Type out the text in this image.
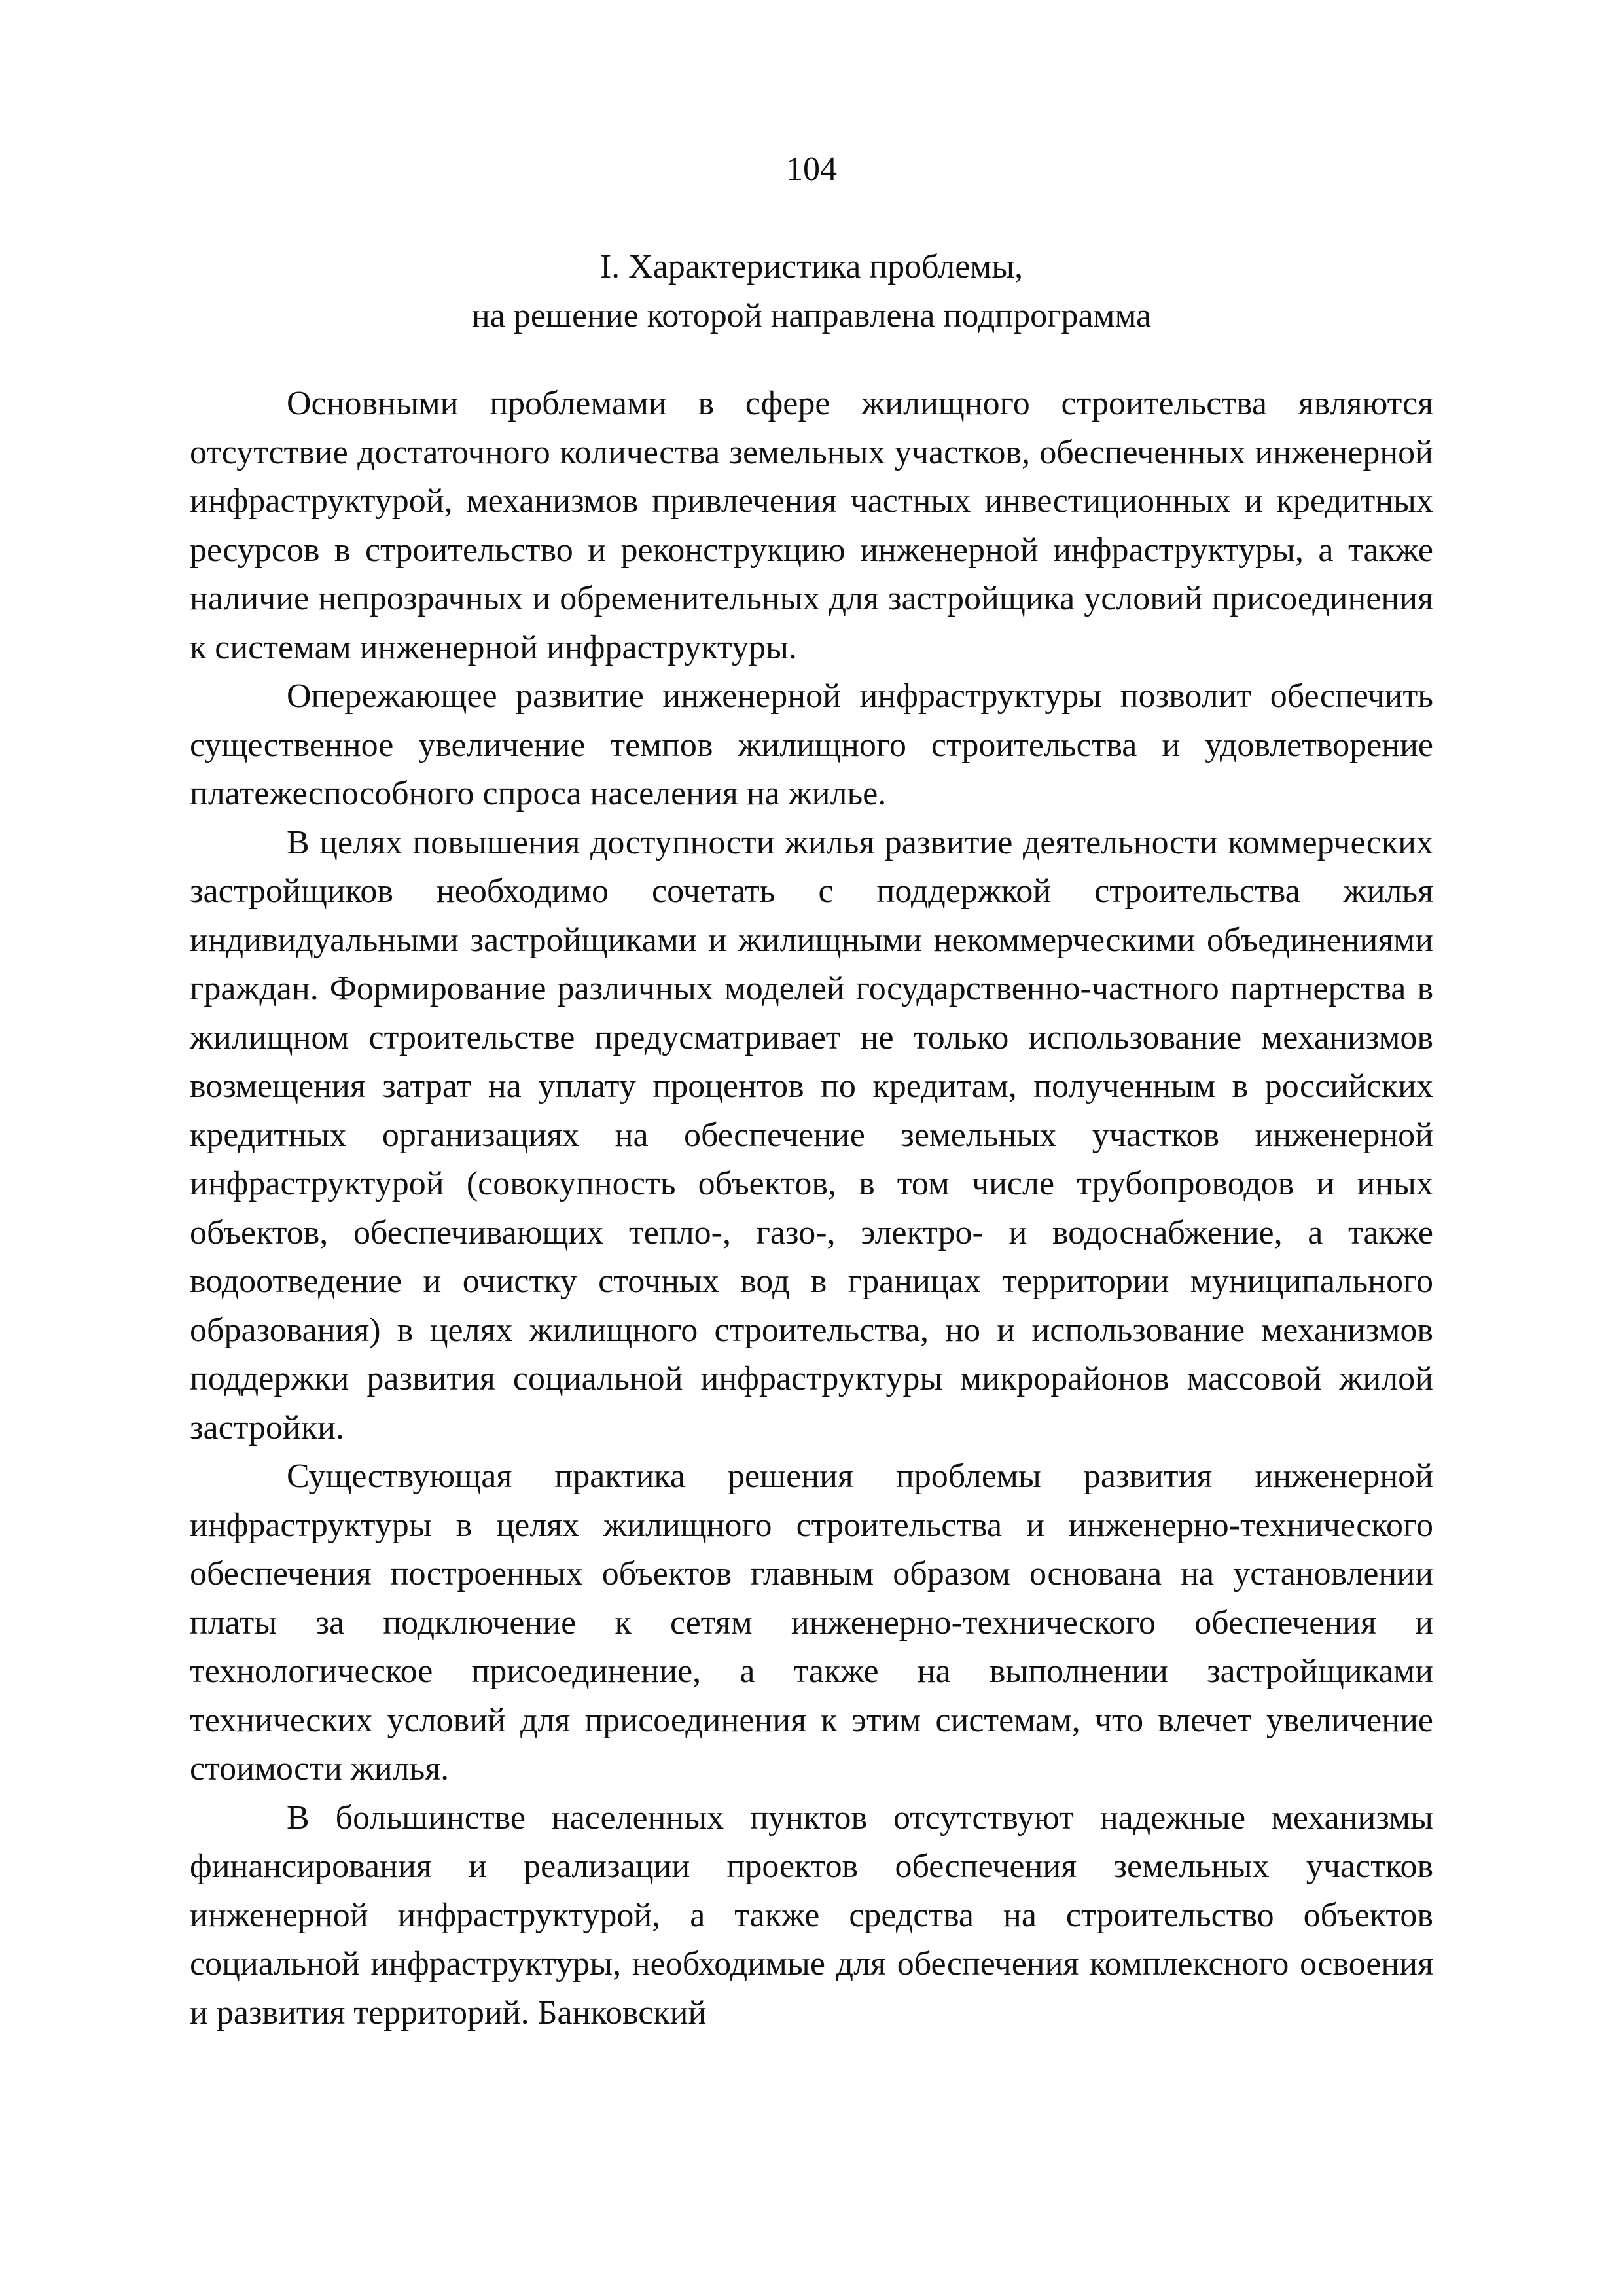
104
I. Характеристика проблемы,
на решение которой направлена подпрограмма

Основными проблемами в сфере жилищного строительства являются отсутствие достаточного количества земельных участков, обеспеченных инженерной инфраструктурой, механизмов привлечения частных инвестиционных и кредитных ресурсов в строительство и реконструкцию инженерной инфраструктуры, а также наличие непрозрачных и обременительных для застройщика условий присоединения к системам инженерной инфраструктуры.

Опережающее развитие инженерной инфраструктуры позволит обеспечить существенное увеличение темпов жилищного строительства и удовлетворение платежеспособного спроса населения на жилье.

В целях повышения доступности жилья развитие деятельности коммерческих застройщиков необходимо сочетать с поддержкой строительства жилья индивидуальными застройщиками и жилищными некоммерческими объединениями граждан. Формирование различных моделей государственно-частного партнерства в жилищном строительстве предусматривает не только использование механизмов возмещения затрат на уплату процентов по кредитам, полученным в российских кредитных организациях на обеспечение земельных участков инженерной инфраструктурой (совокупность объектов, в том числе трубопроводов и иных объектов, обеспечивающих тепло-, газо-, электро- и водоснабжение, а также водоотведение и очистку сточных вод в границах территории муниципального образования) в целях жилищного строительства, но и использование механизмов поддержки развития социальной инфраструктуры микрорайонов массовой жилой застройки.

Существующая практика решения проблемы развития инженерной инфраструктуры в целях жилищного строительства и инженерно-технического обеспечения построенных объектов главным образом основана на установлении платы за подключение к сетям инженерно-технического обеспечения и технологическое присоединение, а также на выполнении застройщиками технических условий для присоединения к этим системам, что влечет увеличение стоимости жилья.

В большинстве населенных пунктов отсутствуют надежные механизмы финансирования и реализации проектов обеспечения земельных участков инженерной инфраструктурой, а также средства на строительство объектов социальной инфраструктуры, необходимые для обеспечения комплексного освоения и развития территорий. Банковский
